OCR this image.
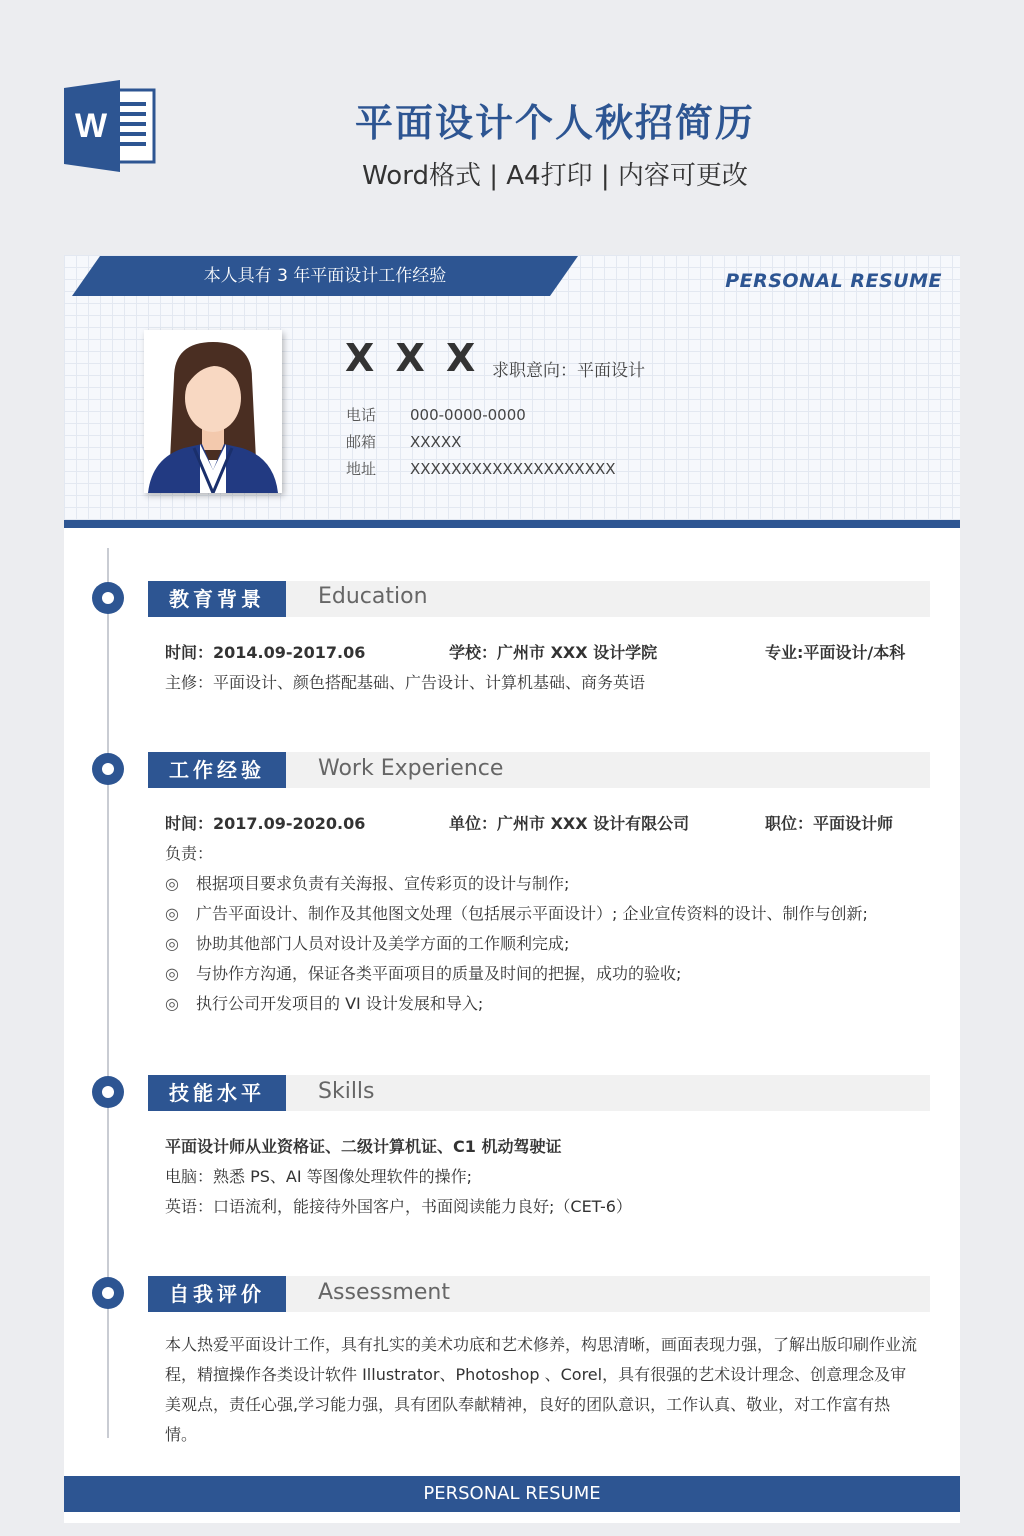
W	平面设计个人秋招简历
Word格式 | A4打印 | 内容可更改
本人具有 3 年平面设计工作经验	PERSONAL RESUME
X X X 求职意向：平面设计
电话 000-0000-0000
邮箱 XXXXX
地址 XXXXXXXXXXXXXXXXXXXX
教育背景	Education
时间：2014.09-2017.06	学校：广州市 XXX 设计学院	专业:平面设计/本科
主修：平面设计、颜色搭配基础、广告设计、计算机基础、商务英语
工作经验	Work Experience
时间：2017.09-2020.06	单位：广州市 XXX 设计有限公司	职位：平面设计师
负责：
◎ 根据项目要求负责有关海报、宣传彩页的设计与制作;
◎ 广告平面设计、制作及其他图文处理（包括展示平面设计）; 企业宣传资料的设计、制作与创新;
◎ 协助其他部门人员对设计及美学方面的工作顺利完成;
◎ 与协作方沟通，保证各类平面项目的质量及时间的把握，成功的验收;
◎ 执行公司开发项目的 VI 设计发展和导入;
技能水平	Skills
平面设计师从业资格证、二级计算机证、C1 机动驾驶证
电脑：熟悉 PS、AI 等图像处理软件的操作;
英语：口语流利，能接待外国客户，书面阅读能力良好;（CET-6）
自我评价	Assessment
本人热爱平面设计工作，具有扎实的美术功底和艺术修养，构思清晰，画面表现力强，了解出版印刷作业流程，精擅操作各类设计软件 Illustrator、Photoshop 、Corel，具有很强的艺术设计理念、创意理念及审美观点，责任心强,学习能力强，具有团队奉献精神，良好的团队意识，工作认真、敬业，对工作富有热情。
PERSONAL RESUME
